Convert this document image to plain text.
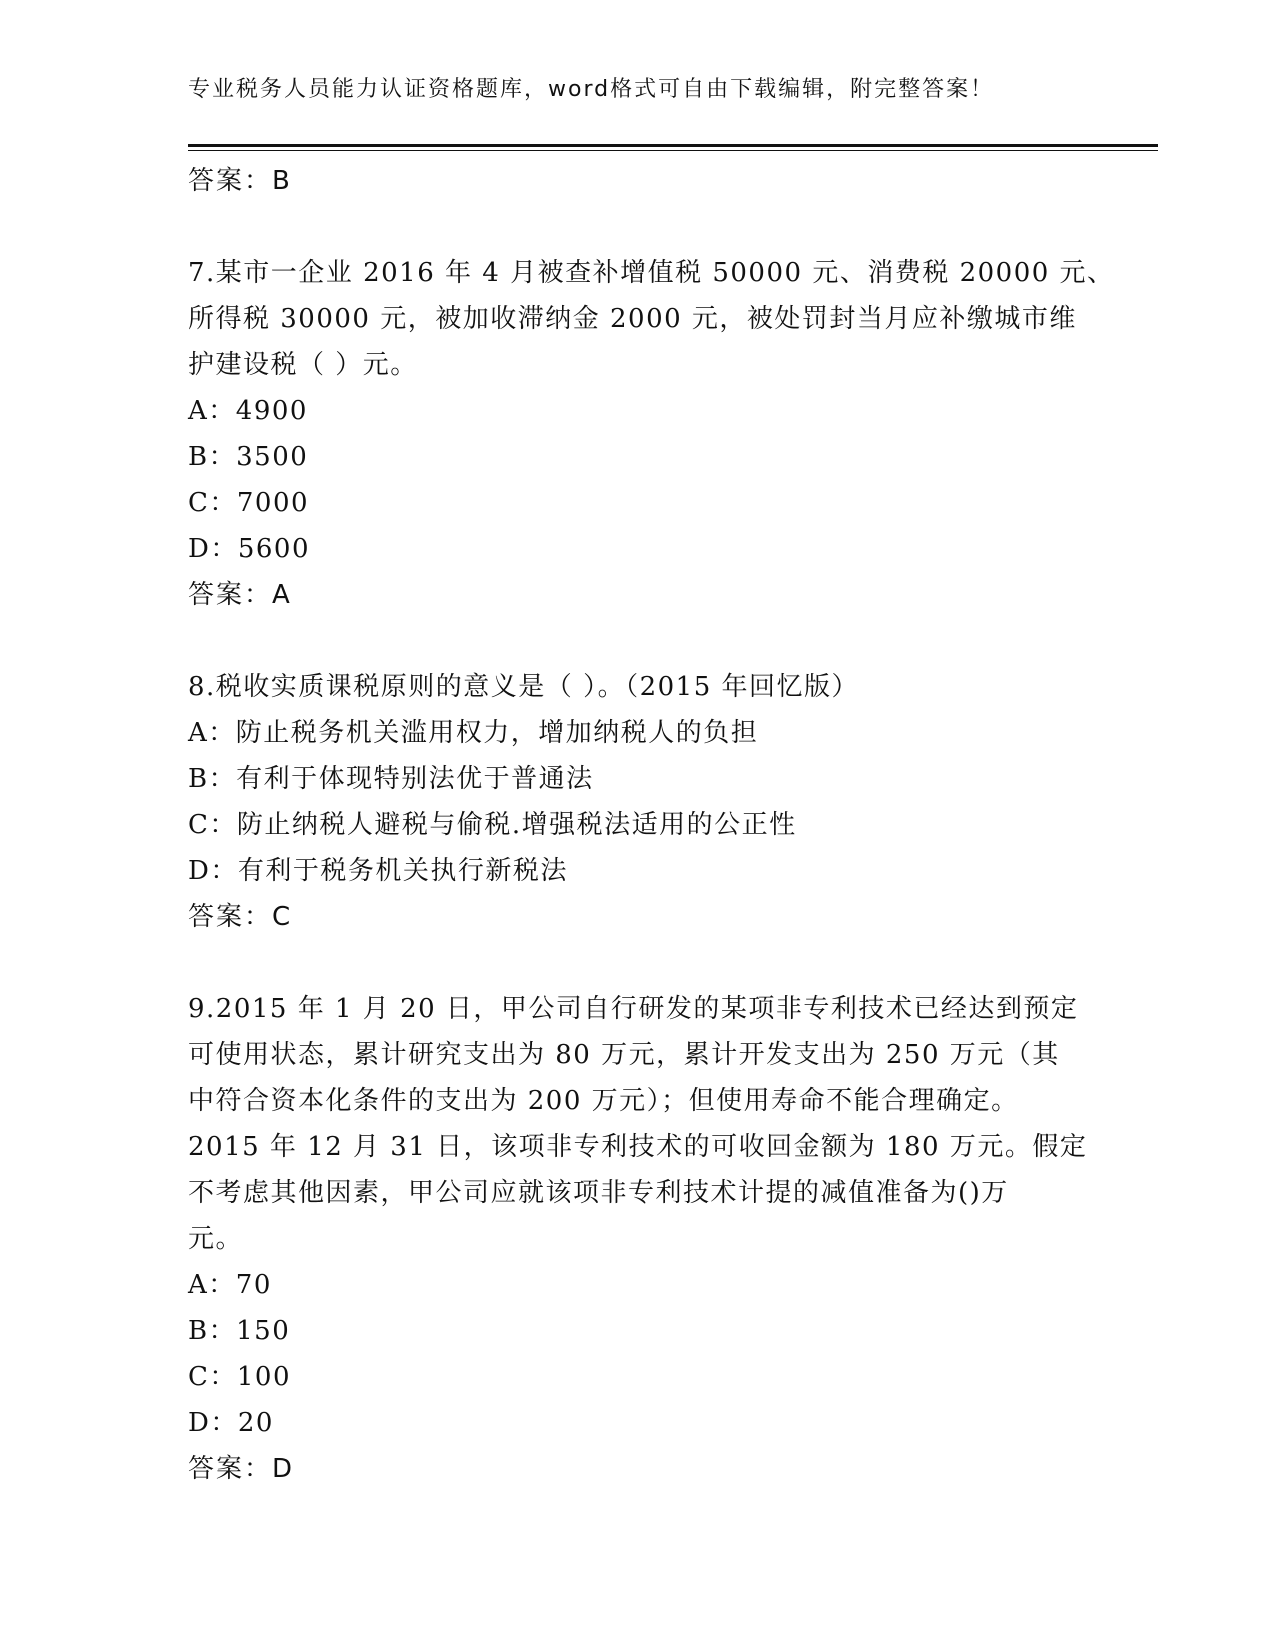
专业税务人员能力认证资格题库，word格式可自由下载编辑，附完整答案！

答案：B

7.某市一企业 2016 年 4 月被查补增值税 50000 元、消费税 20000 元、

所得税 30000 元，被加收滞纳金 2000 元，被处罚封当月应补缴城市维

护建设税（ ）元。

A：4900

B：3500

C：7000

D：5600

答案：A

8.税收实质课税原则的意义是（ ）。（2015 年回忆版）

A：防止税务机关滥用权力，增加纳税人的负担

B：有利于体现特别法优于普通法

C：防止纳税人避税与偷税.增强税法适用的公正性

D：有利于税务机关执行新税法

答案：C

9.2015 年 1 月 20 日，甲公司自行研发的某项非专利技术已经达到预定

可使用状态，累计研究支出为 80 万元，累计开发支出为 250 万元（其

中符合资本化条件的支出为 200 万元）；但使用寿命不能合理确定。

2015 年 12 月 31 日，该项非专利技术的可收回金额为 180 万元。假定

不考虑其他因素，甲公司应就该项非专利技术计提的减值准备为()万

元。

A：70

B：150

C：100

D：20

答案：D
